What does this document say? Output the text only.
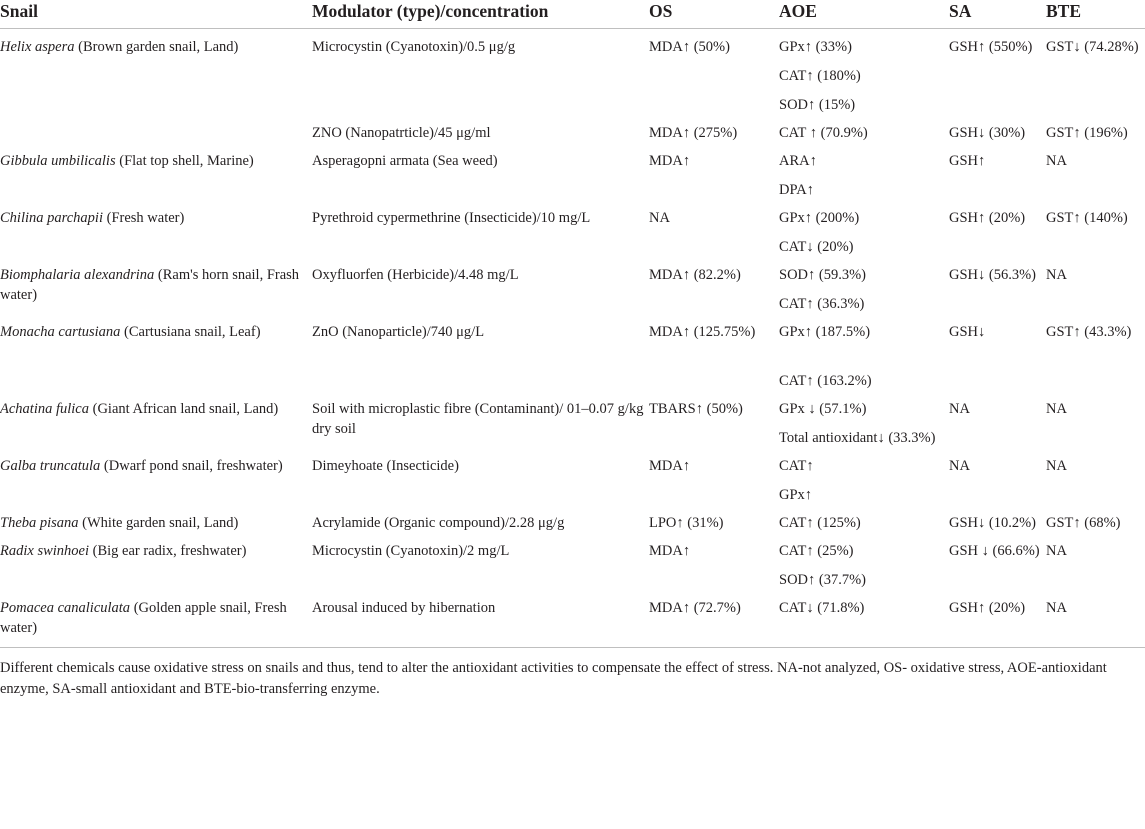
Snail	Modulator (type)/concentration	OS	AOE	SA	BTE
Helix aspera (Brown garden snail, Land)	Microcystin (Cyanotoxin)/0.5 μg/g	MDA↑ (50%)	GPx↑ (33%)	GSH↑ (550%)	GST↓ (74.28%)
			CAT↑ (180%)		
			SOD↑ (15%)		
	ZNO (Nanopatrticle)/45 μg/ml	MDA↑ (275%)	CAT ↑ (70.9%)	GSH↓ (30%)	GST↑ (196%)
Gibbula umbilicalis (Flat top shell, Marine)	Asperagopni armata (Sea weed)	MDA↑	ARA↑	GSH↑	NA
			DPA↑		
Chilina parchapii (Fresh water)	Pyrethroid cypermethrine (Insecticide)/10 mg/L	NA	GPx↑ (200%)	GSH↑ (20%)	GST↑ (140%)
			CAT↓ (20%)		
Biomphalaria alexandrina (Ram's horn snail, Frash water)	Oxyfluorfen (Herbicide)/4.48 mg/L	MDA↑ (82.2%)	SOD↑ (59.3%)	GSH↓ (56.3%)	NA
			CAT↑ (36.3%)		
Monacha cartusiana (Cartusiana snail, Leaf)	ZnO (Nanoparticle)/740 μg/L	MDA↑ (125.75%)	GPx↑ (187.5%)	GSH↓	GST↑ (43.3%)
			CAT↑ (163.2%)		
Achatina fulica (Giant African land snail, Land)	Soil with microplastic fibre (Contaminant)/ 01–0.07 g/kg dry soil	TBARS↑ (50%)	GPx ↓ (57.1%)	NA	NA
			Total antioxidant↓ (33.3%)		
Galba truncatula (Dwarf pond snail, freshwater)	Dimeyhoate (Insecticide)	MDA↑	CAT↑	NA	NA
			GPx↑		
Theba pisana (White garden snail, Land)	Acrylamide (Organic compound)/2.28 μg/g	LPO↑ (31%)	CAT↑ (125%)	GSH↓ (10.2%)	GST↑ (68%)
Radix swinhoei (Big ear radix, freshwater)	Microcystin (Cyanotoxin)/2 mg/L	MDA↑	CAT↑ (25%)	GSH ↓ (66.6%)	NA
			SOD↑ (37.7%)		
Pomacea canaliculata (Golden apple snail, Fresh water)	Arousal induced by hibernation	MDA↑ (72.7%)	CAT↓ (71.8%)	GSH↑ (20%)	NA
Different chemicals cause oxidative stress on snails and thus, tend to alter the antioxidant activities to compensate the effect of stress. NA-not analyzed, OS- oxidative stress, AOE-antioxidant enzyme, SA-small antioxidant and BTE-bio-transferring enzyme.
